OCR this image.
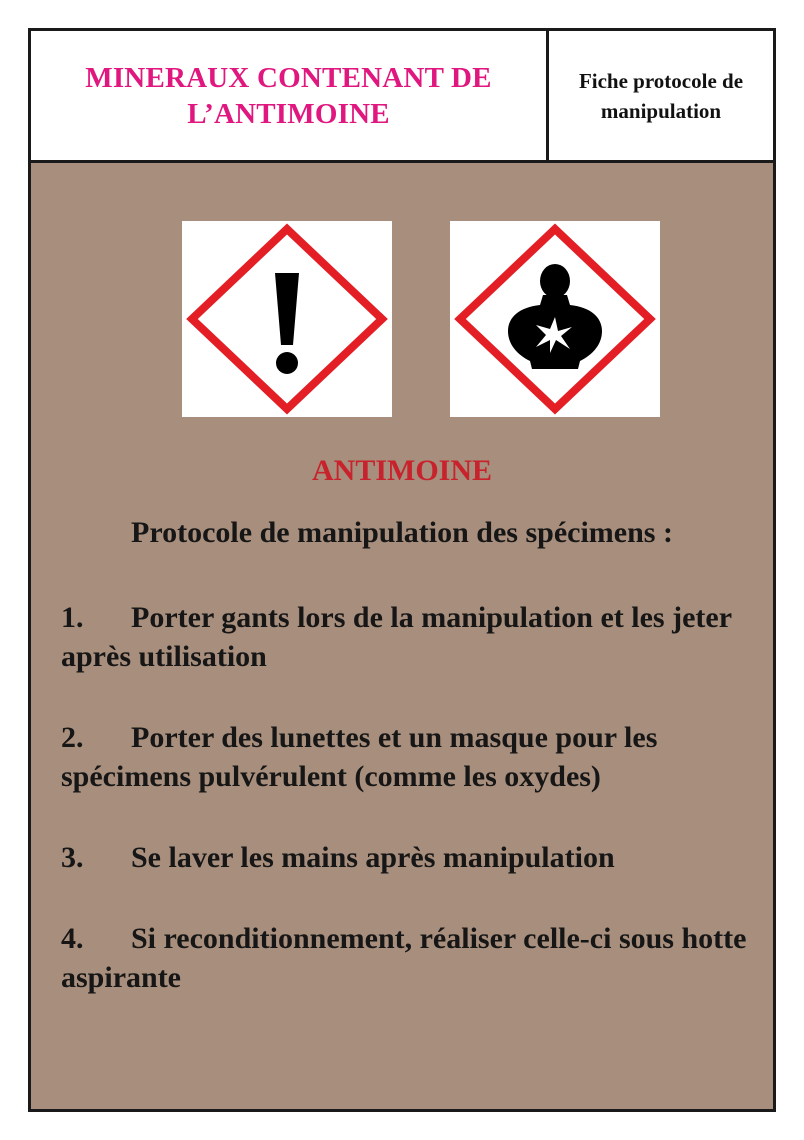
MINERAUX CONTENANT DE
L’ANTIMOINE
Fiche protocole de
manipulation
ANTIMOINE
Protocole de manipulation des spécimens :
1. Porter gants lors de la manipulation et les jeter après utilisation
2. Porter des lunettes et un masque pour les spécimens pulvérulent (comme les oxydes)
3. Se laver les mains après manipulation
4. Si reconditionnement, réaliser celle-ci sous hotte aspirante
